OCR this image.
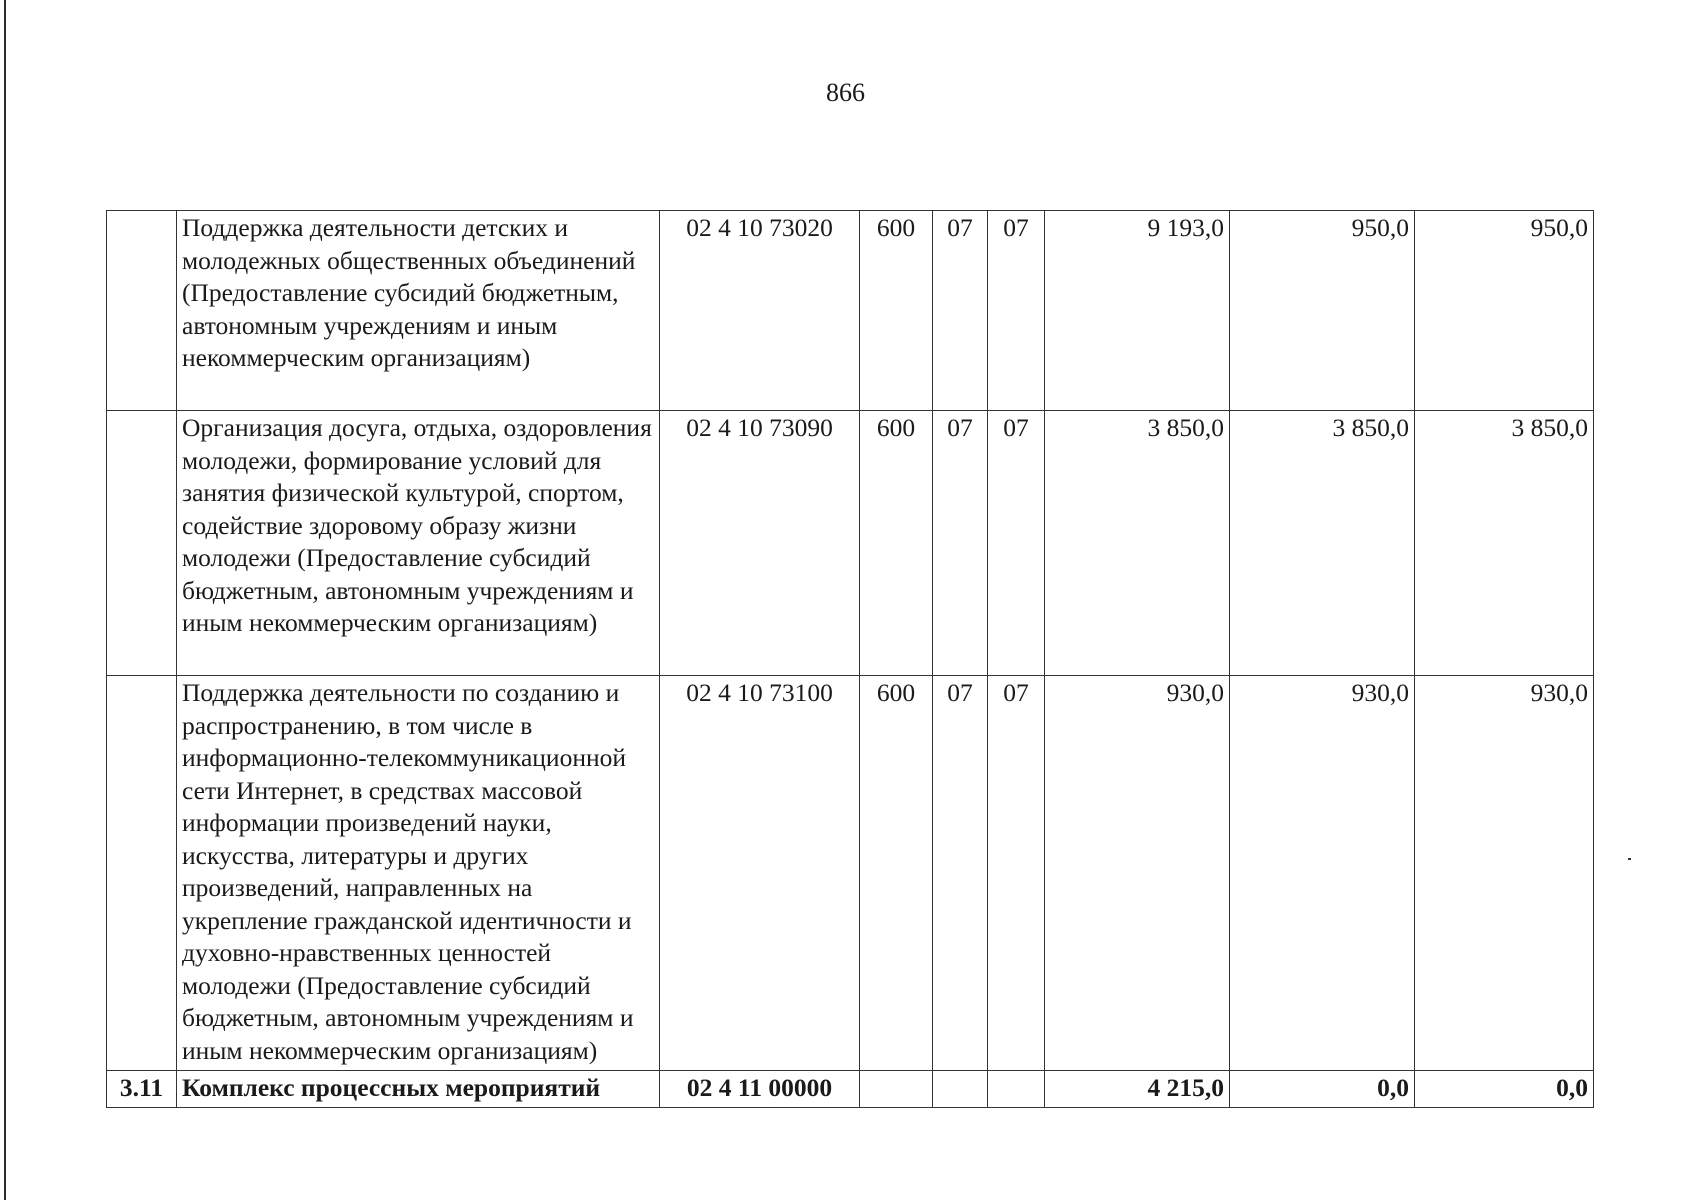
866
	Поддержка деятельности детских и молодежных общественных объединений (Предоставление субсидий бюджетным, автономным учреждениям и иным некоммерческим организациям)	02 4 10 73020	600	07	07	9 193,0	950,0	950,0
	Организация досуга, отдыха, оздоровления молодежи, формирование условий для занятия физической культурой, спортом, содействие здоровому образу жизни молодежи (Предоставление субсидий бюджетным, автономным учреждениям и иным некоммерческим организациям)	02 4 10 73090	600	07	07	3 850,0	3 850,0	3 850,0
	Поддержка деятельности по созданию и распространению, в том числе в информационно-телекоммуникационной сети Интернет, в средствах массовой информации произведений науки, искусства, литературы и других произведений, направленных на укрепление гражданской идентичности и духовно-нравственных ценностей молодежи (Предоставление субсидий бюджетным, автономным учреждениям и иным некоммерческим организациям)	02 4 10 73100	600	07	07	930,0	930,0	930,0
3.11	Комплекс процессных мероприятий	02 4 11 00000				4 215,0	0,0	0,0
